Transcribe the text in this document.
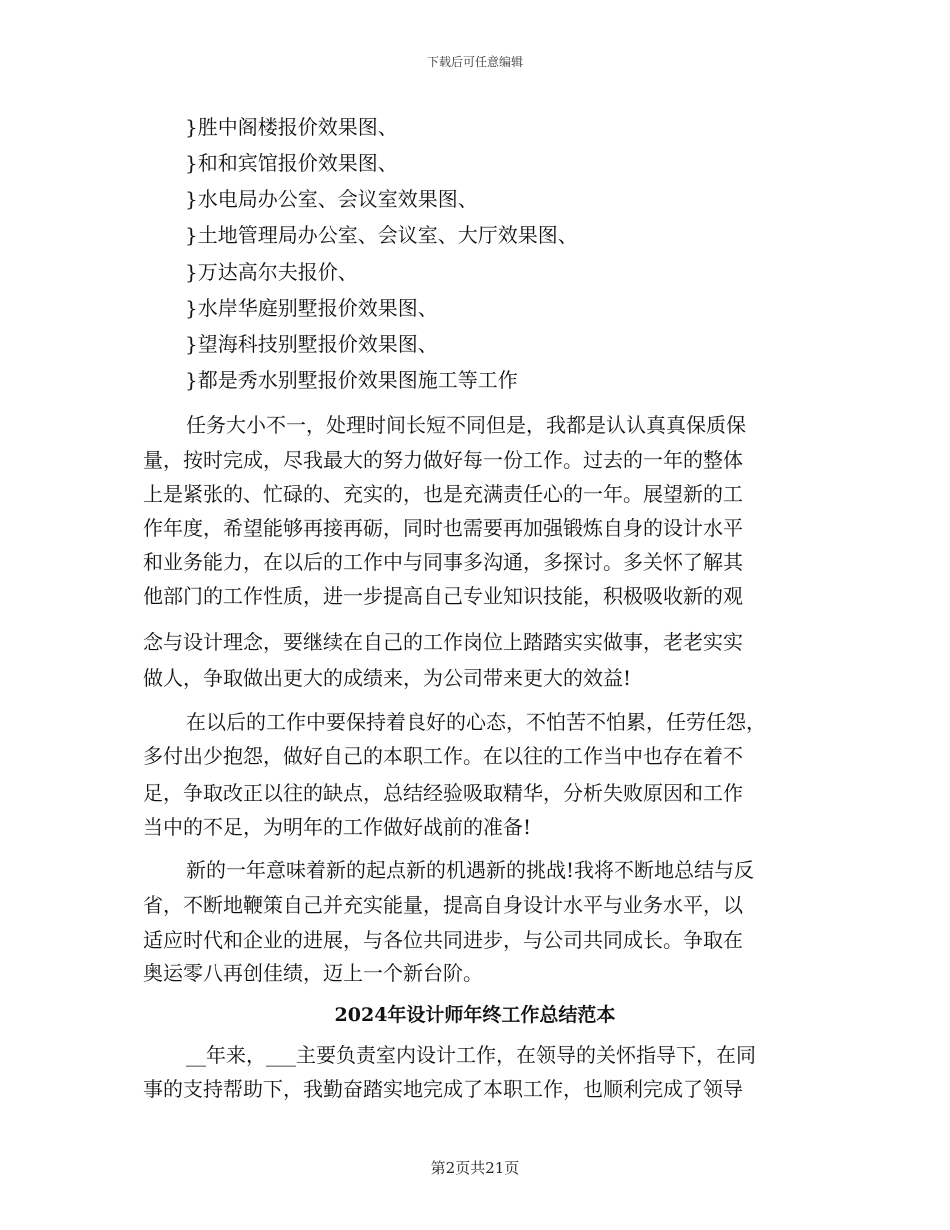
下载后可任意编辑
}胜中阁楼报价效果图、
}和和宾馆报价效果图、
}水电局办公室、会议室效果图、
}土地管理局办公室、会议室、大厅效果图、
}万达高尔夫报价、
}水岸华庭别墅报价效果图、
}望海科技别墅报价效果图、
}都是秀水别墅报价效果图施工等工作
任务大小不一，处理时间长短不同但是，我都是认认真真保质保
量，按时完成，尽我最大的努力做好每一份工作。过去的一年的整体
上是紧张的、忙碌的、充实的，也是充满责任心的一年。展望新的工
作年度，希望能够再接再砺，同时也需要再加强锻炼自身的设计水平
和业务能力，在以后的工作中与同事多沟通，多探讨。多关怀了解其
他部门的工作性质，进一步提高自己专业知识技能，积极吸收新的观
念与设计理念，要继续在自己的工作岗位上踏踏实实做事，老老实实
做人，争取做出更大的成绩来，为公司带来更大的效益!
在以后的工作中要保持着良好的心态，不怕苦不怕累，任劳任怨，
多付出少抱怨，做好自己的本职工作。在以往的工作当中也存在着不
足，争取改正以往的缺点，总结经验吸取精华，分析失败原因和工作
当中的不足，为明年的工作做好战前的准备!
新的一年意味着新的起点新的机遇新的挑战!我将不断地总结与反
省，不断地鞭策自己并充实能量，提高自身设计水平与业务水平，以
适应时代和企业的进展，与各位共同进步，与公司共同成长。争取在
奥运零八再创佳绩，迈上一个新台阶。
2024年设计师年终工作总结范本
__年来，___主要负责室内设计工作，在领导的关怀指导下，在同
事的支持帮助下，我勤奋踏实地完成了本职工作，也顺利完成了领导
第2页共21页
